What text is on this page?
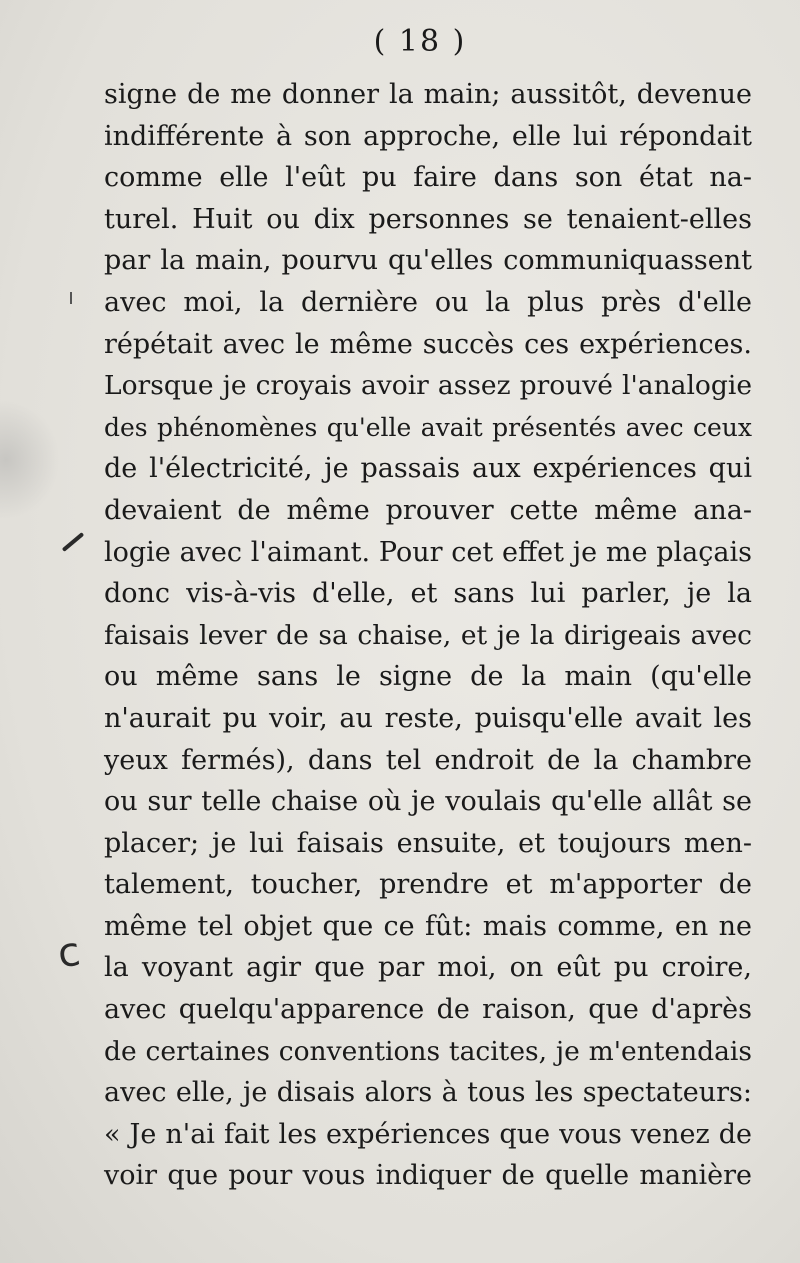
( 18 )
signe de me donner la main; aussitôt, devenue
indifférente à son approche, elle lui répondait
comme elle l'eût pu faire dans son état na-
turel. Huit ou dix personnes se tenaient-elles
par la main, pourvu qu'elles communiquassent
avec moi, la dernière ou la plus près d'elle
répétait avec le même succès ces expériences.
Lorsque je croyais avoir assez prouvé l'analogie
des phénomènes qu'elle avait présentés avec ceux
de l'électricité, je passais aux expériences qui
devaient de même prouver cette même ana-
logie avec l'aimant. Pour cet effet je me plaçais
donc vis-à-vis d'elle, et sans lui parler, je la
faisais lever de sa chaise, et je la dirigeais avec
ou même sans le signe de la main (qu'elle
n'aurait pu voir, au reste, puisqu'elle avait les
yeux fermés), dans tel endroit de la chambre
ou sur telle chaise où je voulais qu'elle allât se
placer; je lui faisais ensuite, et toujours men-
talement, toucher, prendre et m'apporter de
même tel objet que ce fût: mais comme, en ne
la voyant agir que par moi, on eût pu croire,
avec quelqu'apparence de raison, que d'après
de certaines conventions tacites, je m'entendais
avec elle, je disais alors à tous les spectateurs:
« Je n'ai fait les expériences que vous venez de
voir que pour vous indiquer de quelle manière
c
